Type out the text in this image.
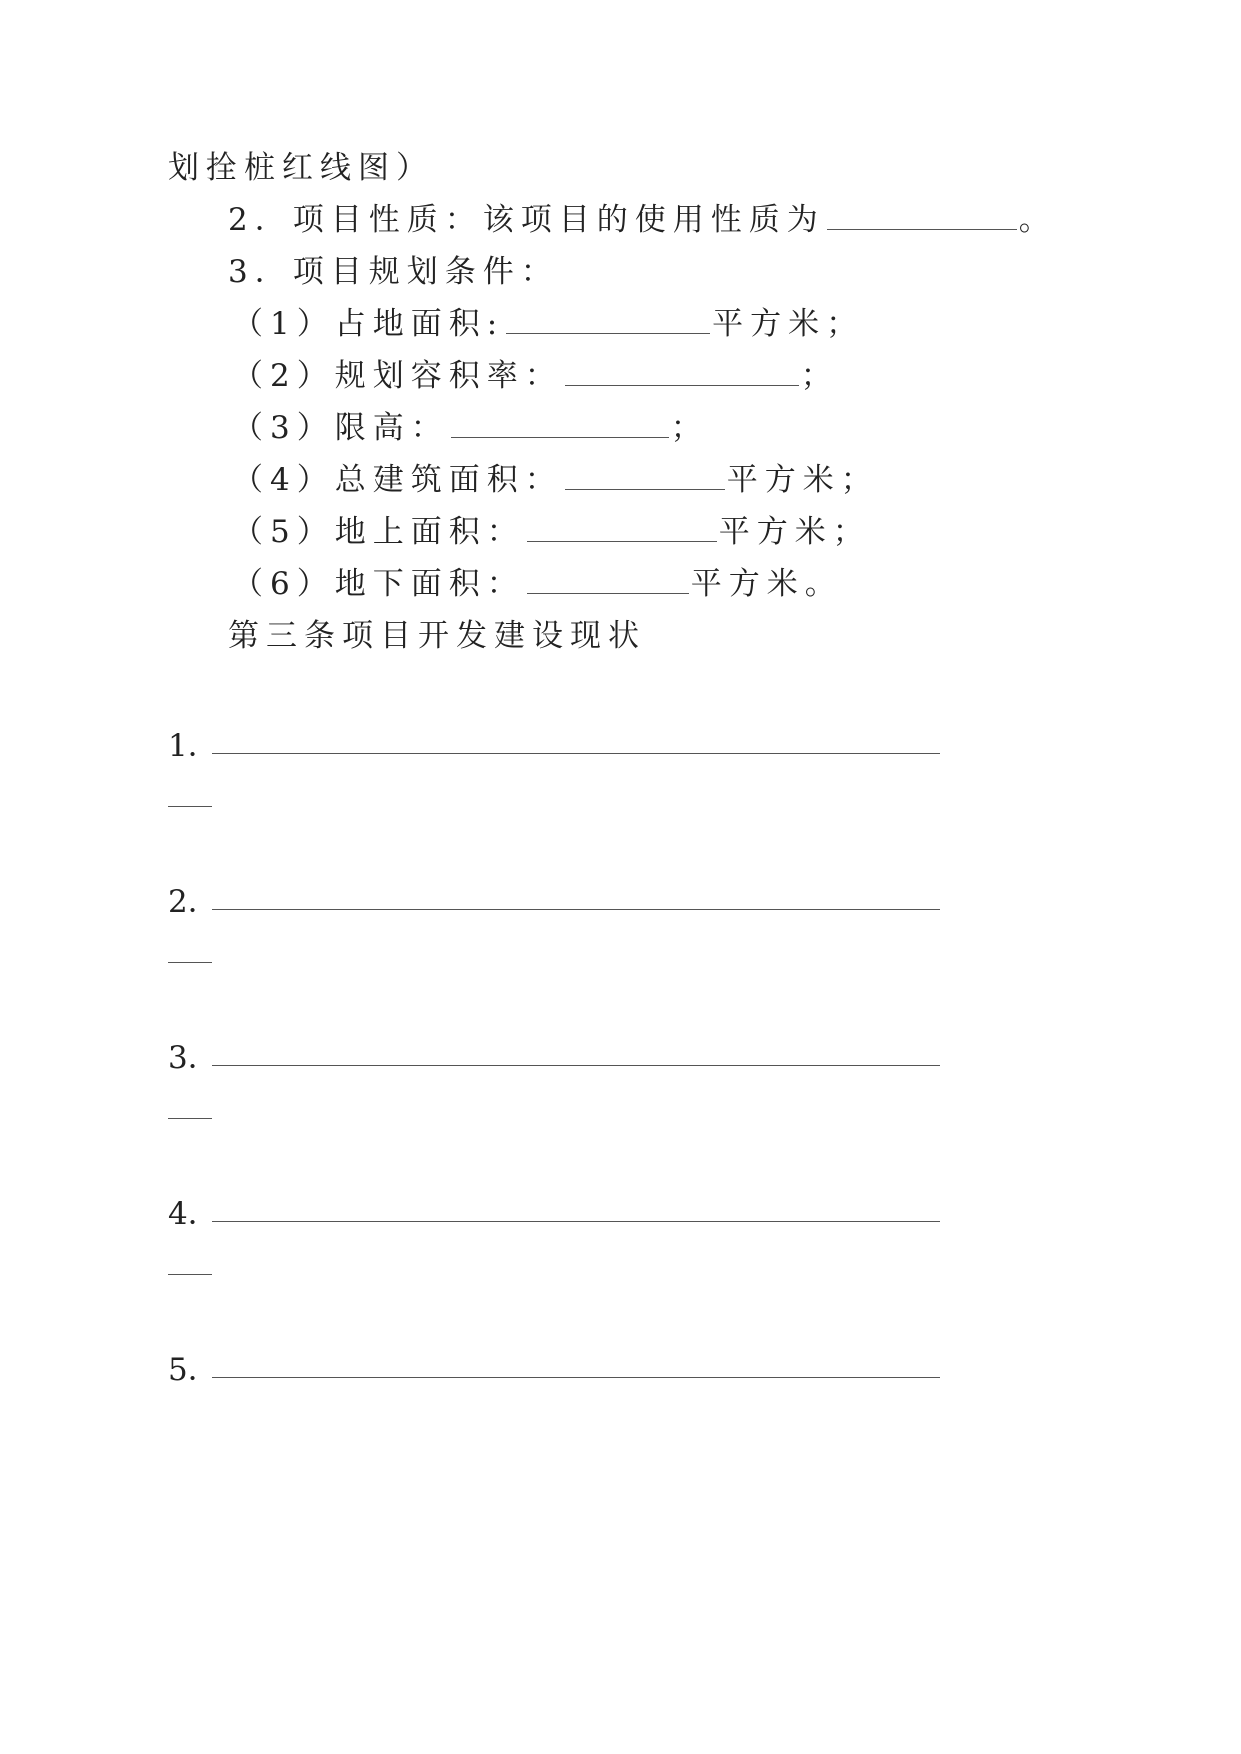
划拴桩红线图）
2．项目性质：该项目的使用性质为	。
3．项目规划条件：
（1）占地面积:	平方米；
（2）规划容积率：	；
（3）限高：	；
（4）总建筑面积：	平方米；
（5）地上面积：	平方米；
（6）地下面积：	平方米。
第三条项目开发建设现状
1．
2．
3．
4．
5．
